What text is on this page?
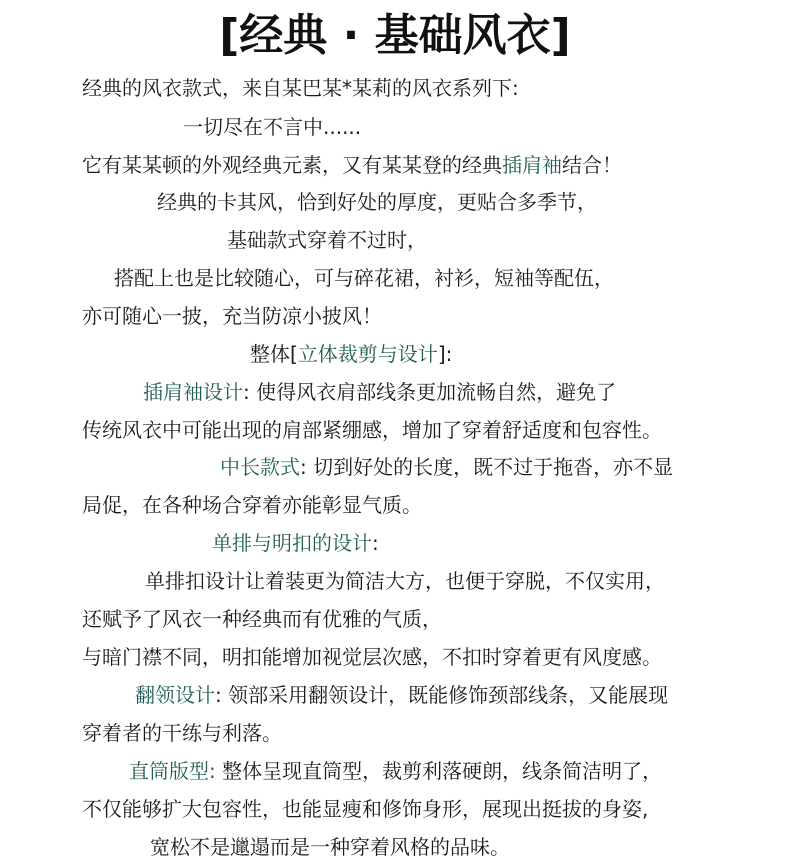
[经典 · 基础风衣]
经典的风衣款式，来自某巴某*某莉的风衣系列下:
一切尽在不言中......
它有某某顿的外观经典元素，又有某某登的经典插肩袖结合！
经典的卡其风，恰到好处的厚度，更贴合多季节，
基础款式穿着不过时，
搭配上也是比较随心，可与碎花裙，衬衫，短袖等配伍，
亦可随心一披，充当防凉小披风！
整体[立体裁剪与设计]:
插肩袖设计: 使得风衣肩部线条更加流畅自然，避免了
传统风衣中可能出现的肩部紧绷感，增加了穿着舒适度和包容性。
中长款式: 切到好处的长度，既不过于拖沓，亦不显
局促，在各种场合穿着亦能彰显气质。
单排与明扣的设计:
单排扣设计让着装更为简洁大方，也便于穿脱，不仅实用，
还赋予了风衣一种经典而有优雅的气质，
与暗门襟不同，明扣能增加视觉层次感，不扣时穿着更有风度感。
翻领设计: 领部采用翻领设计，既能修饰颈部线条，又能展现
穿着者的干练与利落。
直筒版型: 整体呈现直筒型，裁剪利落硬朗，线条简洁明了，
不仅能够扩大包容性，也能显瘦和修饰身形，展现出挺拔的身姿,
宽松不是邋遢而是一种穿着风格的品味。
